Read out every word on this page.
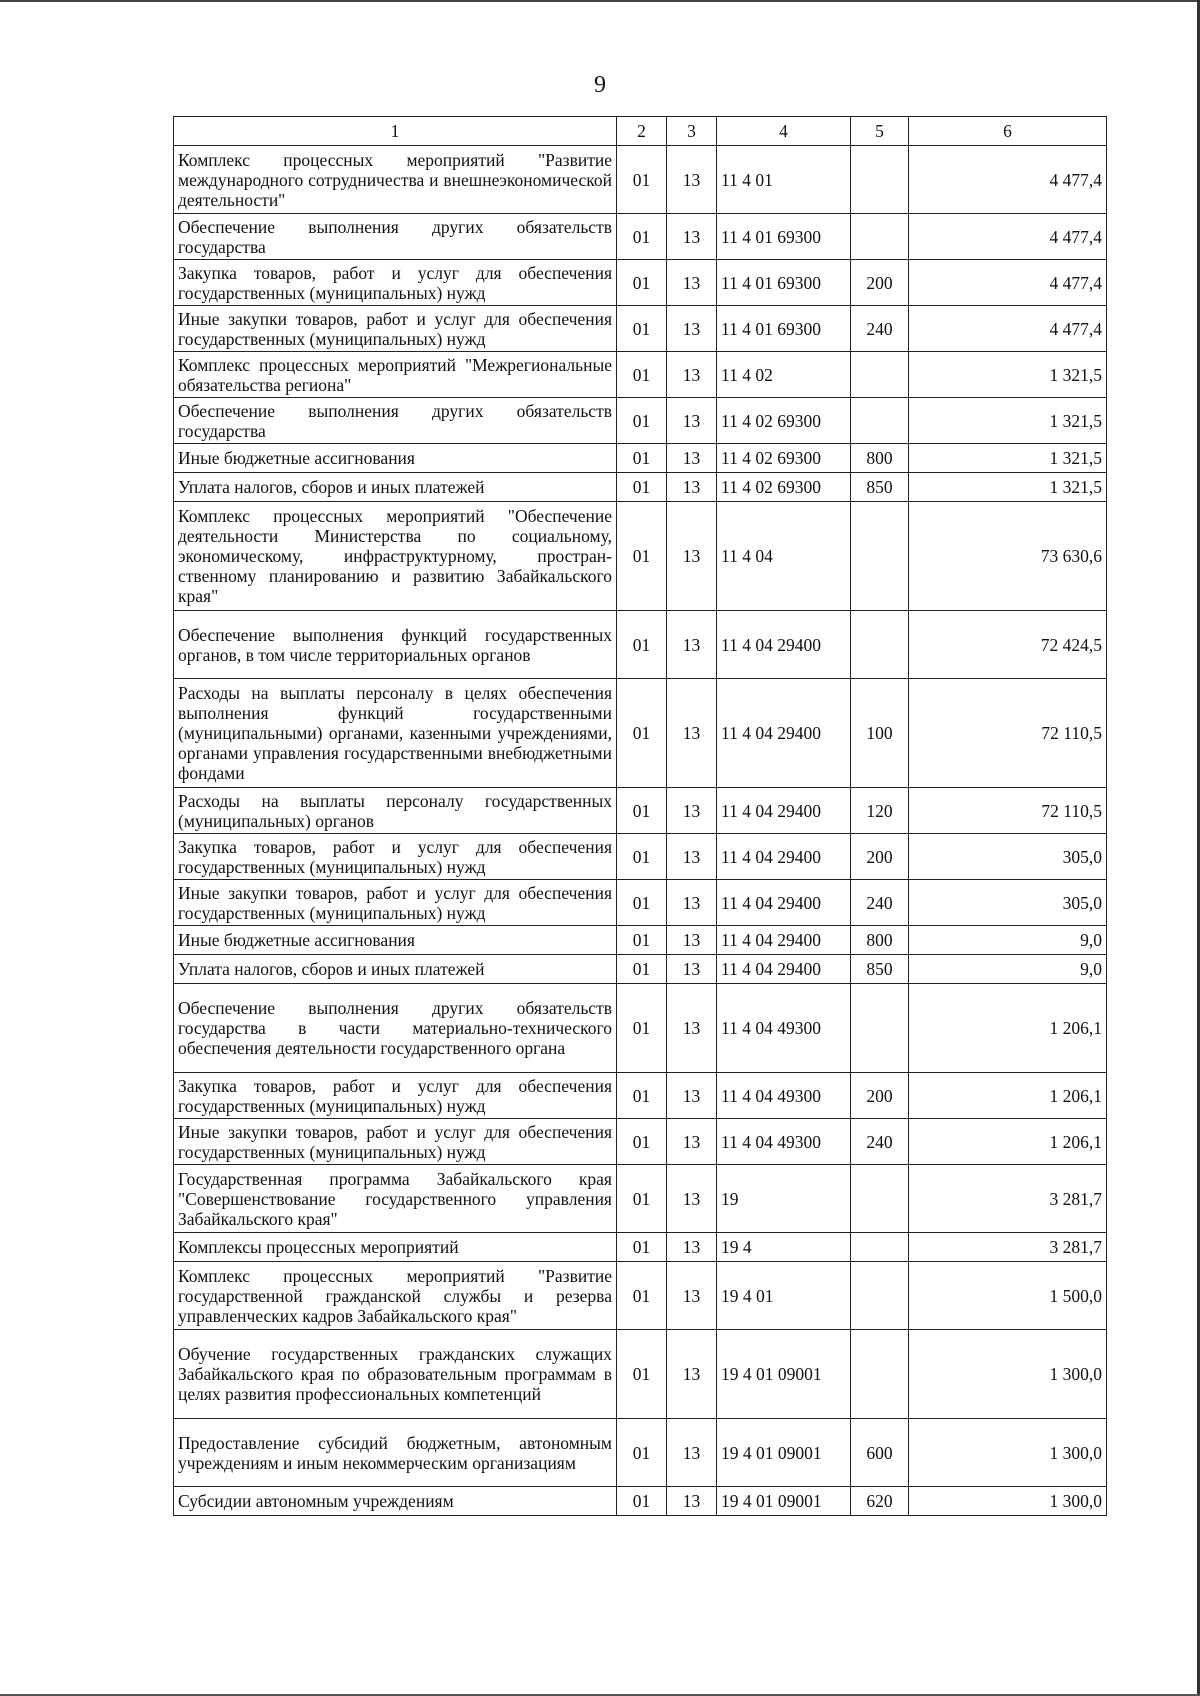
9
1	2	3	4	5	6
Комплекс процессных мероприятий "Развитие международного сотрудничества и внешнеэкономической деятельности"	01	13	11 4 01		4 477,4
Обеспечение выполнения других обязательств государства	01	13	11 4 01 69300		4 477,4
Закупка товаров, работ и услуг для обеспечения государственных (муниципальных) нужд	01	13	11 4 01 69300	200	4 477,4
Иные закупки товаров, работ и услуг для обеспечения государственных (муниципальных) нужд	01	13	11 4 01 69300	240	4 477,4
Комплекс процессных мероприятий "Межрегиональные обязательства региона"	01	13	11 4 02		1 321,5
Обеспечение выполнения других обязательств государства	01	13	11 4 02 69300		1 321,5
Иные бюджетные ассигнования	01	13	11 4 02 69300	800	1 321,5
Уплата налогов, сборов и иных платежей	01	13	11 4 02 69300	850	1 321,5
Комплекс процессных мероприятий "Обеспечение деятельности Министерства по социальному, экономическому, инфраструктурному, пространственному планированию и развитию Забайкальского края"	01	13	11 4 04		73 630,6
Обеспечение выполнения функций государственных органов, в том числе территориальных органов	01	13	11 4 04 29400		72 424,5
Расходы на выплаты персоналу в целях обеспечения выполнения функций государственными (муниципальными) органами, казенными учреждениями, органами управления государственными внебюджетными фондами	01	13	11 4 04 29400	100	72 110,5
Расходы на выплаты персоналу государственных (муниципальных) органов	01	13	11 4 04 29400	120	72 110,5
Закупка товаров, работ и услуг для обеспечения государственных (муниципальных) нужд	01	13	11 4 04 29400	200	305,0
Иные закупки товаров, работ и услуг для обеспечения государственных (муниципальных) нужд	01	13	11 4 04 29400	240	305,0
Иные бюджетные ассигнования	01	13	11 4 04 29400	800	9,0
Уплата налогов, сборов и иных платежей	01	13	11 4 04 29400	850	9,0
Обеспечение выполнения других обязательств государства в части материально-технического обеспечения деятельности государственного органа	01	13	11 4 04 49300		1 206,1
Закупка товаров, работ и услуг для обеспечения государственных (муниципальных) нужд	01	13	11 4 04 49300	200	1 206,1
Иные закупки товаров, работ и услуг для обеспечения государственных (муниципальных) нужд	01	13	11 4 04 49300	240	1 206,1
Государственная программа Забайкальского края "Совершенствование государственного управления Забайкальского края"	01	13	19		3 281,7
Комплексы процессных мероприятий	01	13	19 4		3 281,7
Комплекс процессных мероприятий "Развитие государственной гражданской службы и резерва управленческих кадров Забайкальского края"	01	13	19 4 01		1 500,0
Обучение государственных гражданских служащих Забайкальского края по образовательным программам в целях развития профессиональных компетенций	01	13	19 4 01 09001		1 300,0
Предоставление субсидий бюджетным, автономным учреждениям и иным некоммерческим организациям	01	13	19 4 01 09001	600	1 300,0
Субсидии автономным учреждениям	01	13	19 4 01 09001	620	1 300,0
